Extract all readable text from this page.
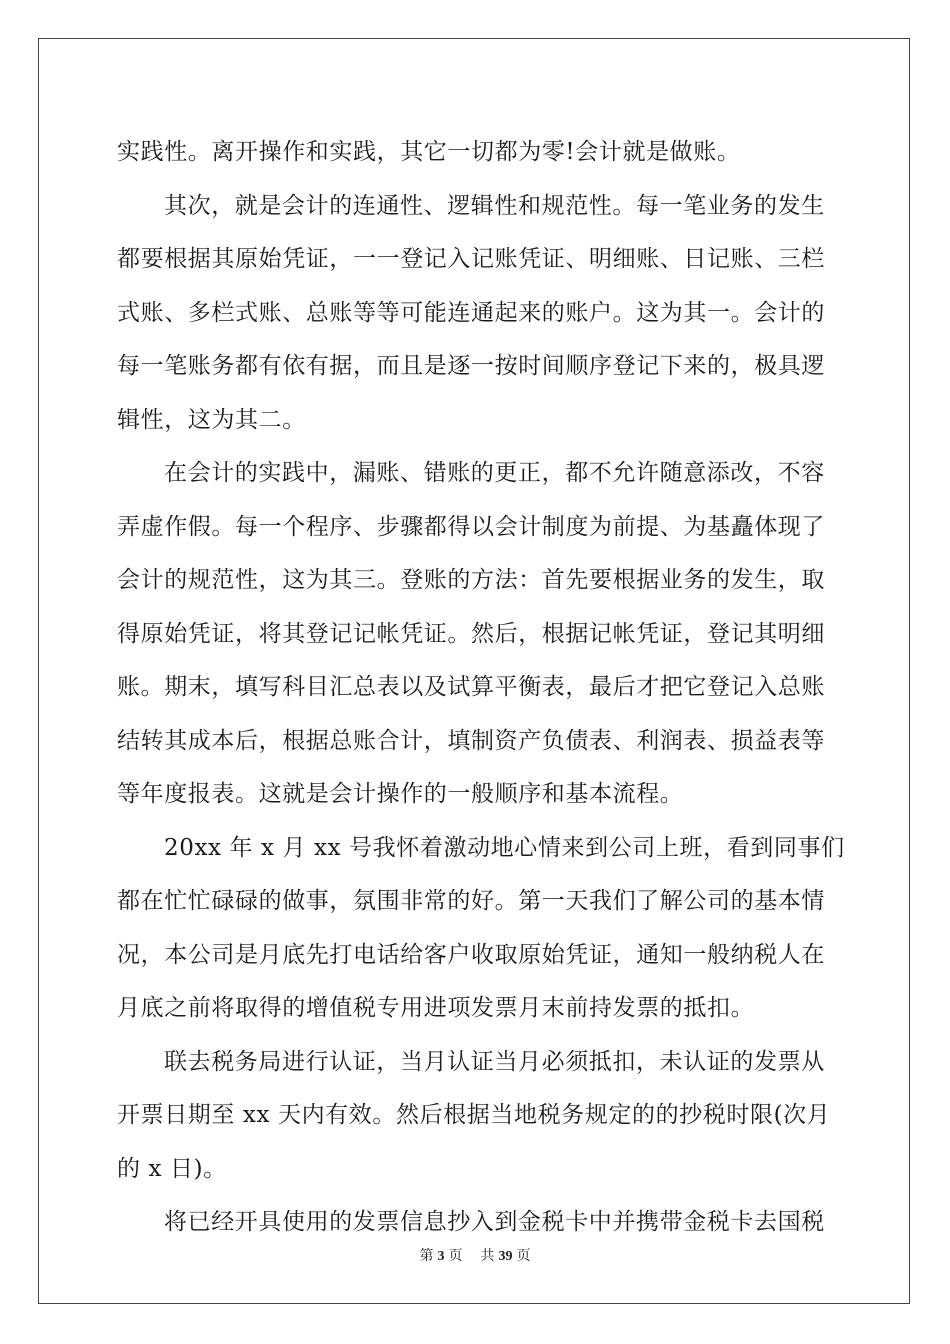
实践性。离开操作和实践，其它一切都为零!会计就是做账。
其次，就是会计的连通性、逻辑性和规范性。每一笔业务的发生
都要根据其原始凭证，一一登记入记账凭证、明细账、日记账、三栏
式账、多栏式账、总账等等可能连通起来的账户。这为其一。会计的
每一笔账务都有依有据，而且是逐一按时间顺序登记下来的，极具逻
辑性，这为其二。
在会计的实践中，漏账、错账的更正，都不允许随意添改，不容
弄虚作假。每一个程序、步骤都得以会计制度为前提、为基矗体现了
会计的规范性，这为其三。登账的方法：首先要根据业务的发生，取
得原始凭证，将其登记记帐凭证。然后，根据记帐凭证，登记其明细
账。期末，填写科目汇总表以及试算平衡表，最后才把它登记入总账
结转其成本后，根据总账合计，填制资产负债表、利润表、损益表等
等年度报表。这就是会计操作的一般顺序和基本流程。
20xx 年 x 月 xx 号我怀着激动地心情来到公司上班，看到同事们
都在忙忙碌碌的做事，氛围非常的好。第一天我们了解公司的基本情
况，本公司是月底先打电话给客户收取原始凭证，通知一般纳税人在
月底之前将取得的增值税专用进项发票月末前持发票的抵扣。
联去税务局进行认证，当月认证当月必须抵扣，未认证的发票从
开票日期至 xx 天内有效。然后根据当地税务规定的的抄税时限(次月
的 x 日)。
将已经开具使用的发票信息抄入到金税卡中并携带金税卡去国税
第 3 页 共 39 页
